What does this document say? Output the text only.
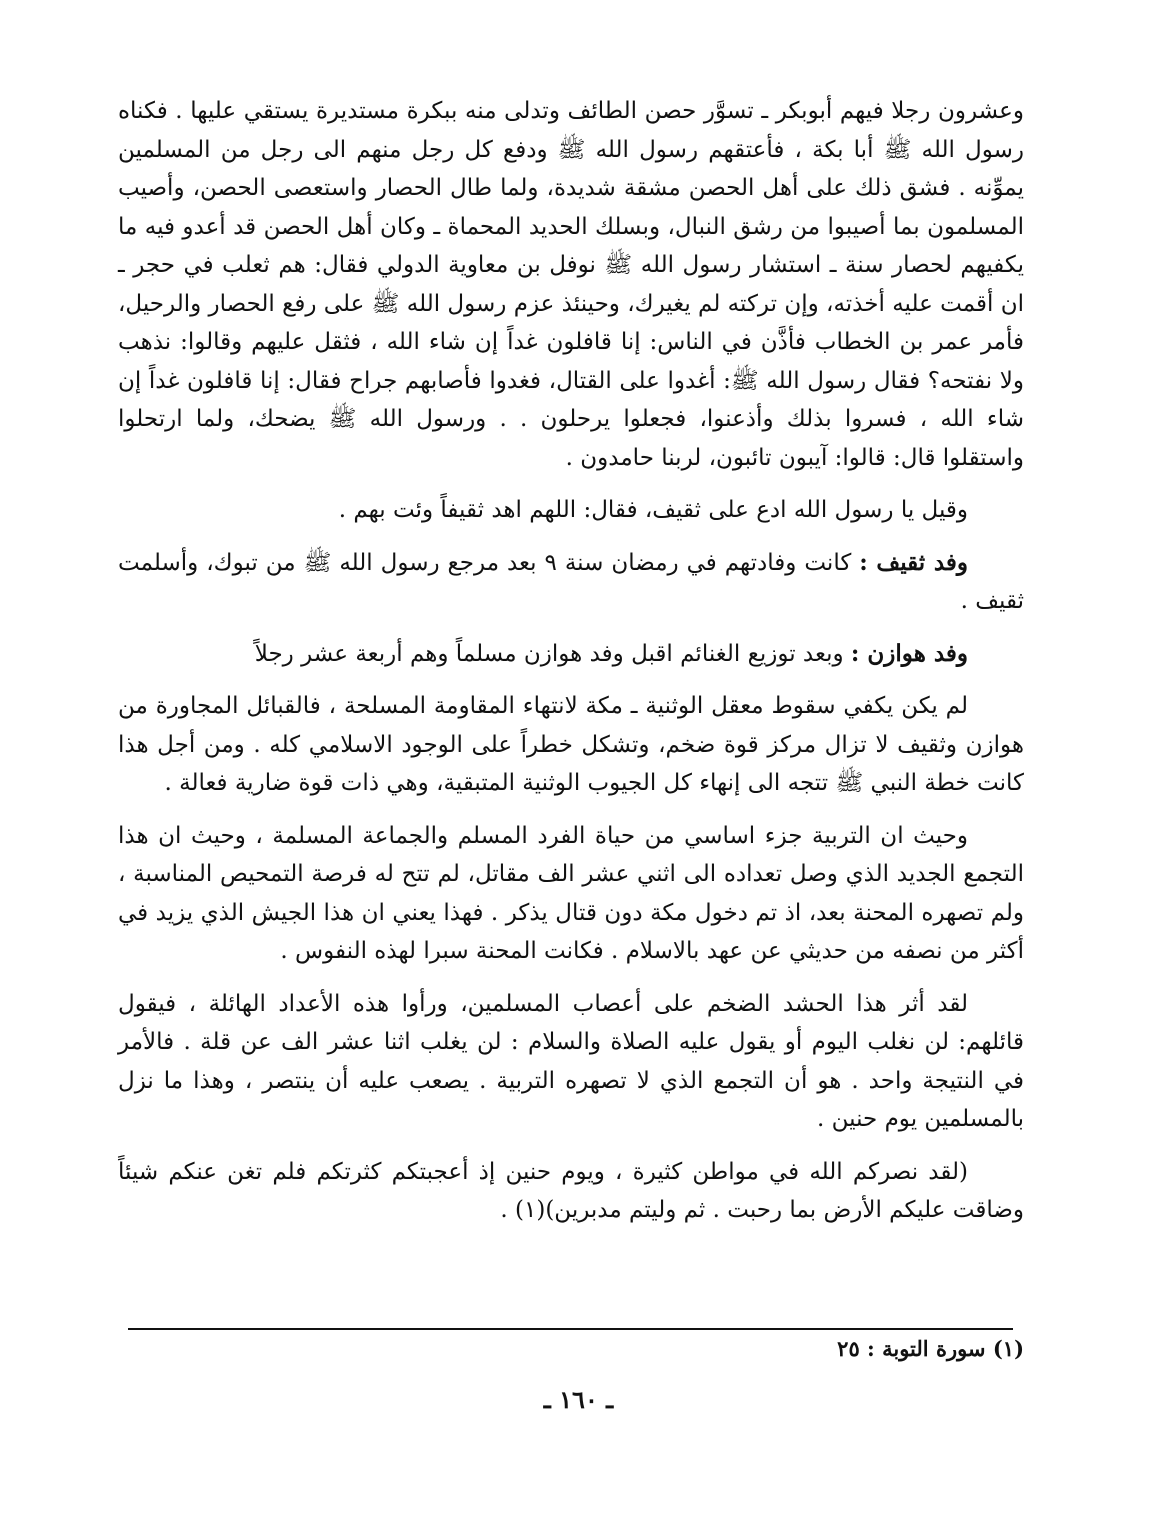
وعشرون رجلا فيهم أبوبكر ـ تسوَّر حصن الطائف وتدلى منه ببكرة مستديرة يستقي عليها . فكناه رسول الله ﷺ أبا بكة ، فأعتقهم رسول الله ﷺ ودفع كل رجل منهم الى رجل من المسلمين يموِّنه . فشق ذلك على أهل الحصن مشقة شديدة، ولما طال الحصار واستعصى الحصن، وأصيب المسلمون بما أصيبوا من رشق النبال، وبسلك الحديد المحماة ـ وكان أهل الحصن قد أعدو فيه ما يكفيهم لحصار سنة ـ استشار رسول الله ﷺ نوفل بن معاوية الدولي فقال: هم ثعلب في حجر ـ ان أقمت عليه أخذته، وإن تركته لم يغيرك، وحينئذ عزم رسول الله ﷺ على رفع الحصار والرحيل، فأمر عمر بن الخطاب فأذَّن في الناس: إنا قافلون غداً إن شاء الله ، فثقل عليهم وقالوا: نذهب ولا نفتحه؟ فقال رسول الله ﷺ: أغدوا على القتال، فغدوا فأصابهم جراح فقال: إنا قافلون غداً إن شاء الله ، فسروا بذلك وأذعنوا، فجعلوا يرحلون . . ورسول الله ﷺ يضحك، ولما ارتحلوا واستقلوا قال: قالوا: آيبون تائبون، لربنا حامدون .

وقيل يا رسول الله ادع على ثقيف، فقال: اللهم اهد ثقيفاً وئت بهم .

وفد ثقيف : كانت وفادتهم في رمضان سنة ٩ بعد مرجع رسول الله ﷺ من تبوك، وأسلمت ثقيف .

وفد هوازن : وبعد توزيع الغنائم اقبل وفد هوازن مسلماً وهم أربعة عشر رجلاً

لم يكن يكفي سقوط معقل الوثنية ـ مكة لانتهاء المقاومة المسلحة ، فالقبائل المجاورة من هوازن وثقيف لا تزال مركز قوة ضخم، وتشكل خطراً على الوجود الاسلامي كله . ومن أجل هذا كانت خطة النبي ﷺ تتجه الى إنهاء كل الجيوب الوثنية المتبقية، وهي ذات قوة ضارية فعالة .

وحيث ان التربية جزء اساسي من حياة الفرد المسلم والجماعة المسلمة ، وحيث ان هذا التجمع الجديد الذي وصل تعداده الى اثني عشر الف مقاتل، لم تتح له فرصة التمحيص المناسبة ، ولم تصهره المحنة بعد، اذ تم دخول مكة دون قتال يذكر . فهذا يعني ان هذا الجيش الذي يزيد في أكثر من نصفه من حديثي عن عهد بالاسلام . فكانت المحنة سبرا لهذه النفوس .

لقد أثر هذا الحشد الضخم على أعصاب المسلمين، ورأوا هذه الأعداد الهائلة ، فيقول قائلهم: لن نغلب اليوم أو يقول عليه الصلاة والسلام : لن يغلب اثنا عشر الف عن قلة . فالأمر في النتيجة واحد . هو أن التجمع الذي لا تصهره التربية . يصعب عليه أن ينتصر ، وهذا ما نزل بالمسلمين يوم حنين .

(لقد نصركم الله في مواطن كثيرة ، ويوم حنين إذ أعجبتكم كثرتكم فلم تغن عنكم شيئاً وضاقت عليكم الأرض بما رحبت . ثم وليتم مدبرين)(١) .

(١) سورة التوبة : ٢٥
ـ ١٦٠ ـ
